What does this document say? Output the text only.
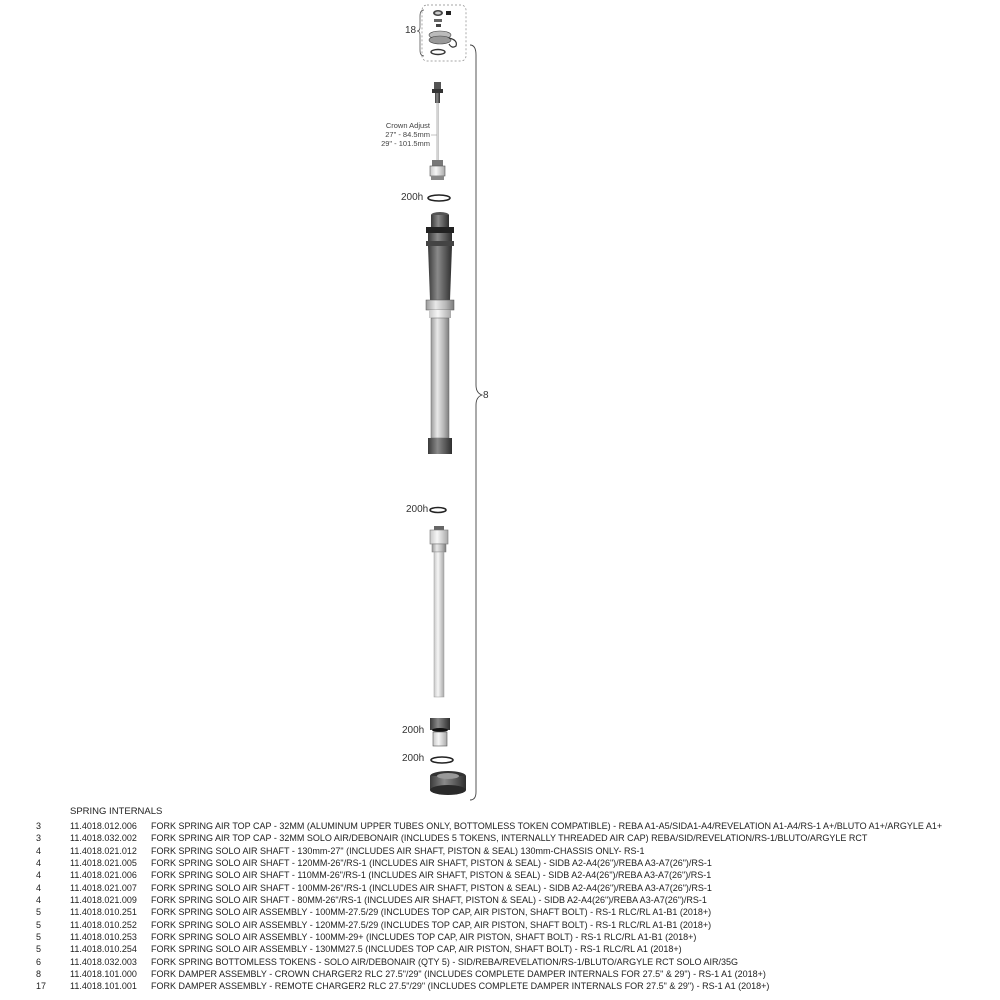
18
8
200h
200h
200h
200h
Crown Adjust
27" - 84.5mm
29" - 101.5mm
SPRING INTERNALS
3	11.4018.012.006 FORK SPRING AIR TOP CAP - 32MM (ALUMINUM UPPER TUBES ONLY, BOTTOMLESS TOKEN COMPATIBLE) - REBA A1-A5/SIDA1-A4/REVELATION A1-A4/RS-1 A+/BLUTO A1+/ARGYLE A1+
3	11.4018.032.002 FORK SPRING AIR TOP CAP - 32MM SOLO AIR/DEBONAIR (INCLUDES 5 TOKENS, INTERNALLY THREADED AIR CAP) REBA/SID/REVELATION/RS-1/BLUTO/ARGYLE RCT
4	11.4018.021.012 FORK SPRING SOLO AIR SHAFT - 130mm-27" (INCLUDES AIR SHAFT, PISTON & SEAL) 130mm-CHASSIS ONLY- RS-1
4	11.4018.021.005 FORK SPRING SOLO AIR SHAFT - 120MM-26"/RS-1 (INCLUDES AIR SHAFT, PISTON & SEAL) - SIDB A2-A4(26")/REBA A3-A7(26")/RS-1
4	11.4018.021.006 FORK SPRING SOLO AIR SHAFT - 110MM-26"/RS-1 (INCLUDES AIR SHAFT, PISTON & SEAL) - SIDB A2-A4(26")/REBA A3-A7(26")/RS-1
4	11.4018.021.007 FORK SPRING SOLO AIR SHAFT - 100MM-26"/RS-1 (INCLUDES AIR SHAFT, PISTON & SEAL) - SIDB A2-A4(26")/REBA A3-A7(26")/RS-1
4	11.4018.021.009 FORK SPRING SOLO AIR SHAFT - 80MM-26"/RS-1 (INCLUDES AIR SHAFT, PISTON & SEAL) - SIDB A2-A4(26")/REBA A3-A7(26")/RS-1
5	11.4018.010.251 FORK SPRING SOLO AIR ASSEMBLY - 100MM-27.5/29 (INCLUDES TOP CAP, AIR PISTON, SHAFT BOLT) - RS-1 RLC/RL A1-B1 (2018+)
5	11.4018.010.252 FORK SPRING SOLO AIR ASSEMBLY - 120MM-27.5/29 (INCLUDES TOP CAP, AIR PISTON, SHAFT BOLT) - RS-1 RLC/RL A1-B1 (2018+)
5	11.4018.010.253 FORK SPRING SOLO AIR ASSEMBLY - 100MM-29+ (INCLUDES TOP CAP, AIR PISTON, SHAFT BOLT) - RS-1 RLC/RL A1-B1 (2018+)
5	11.4018.010.254 FORK SPRING SOLO AIR ASSEMBLY - 130MM27.5 (INCLUDES TOP CAP, AIR PISTON, SHAFT BOLT) - RS-1 RLC/RL A1 (2018+)
6	11.4018.032.003 FORK SPRING BOTTOMLESS TOKENS - SOLO AIR/DEBONAIR (QTY 5) - SID/REBA/REVELATION/RS-1/BLUTO/ARGYLE RCT SOLO AIR/35G
8	11.4018.101.000 FORK DAMPER ASSEMBLY - CROWN CHARGER2 RLC 27.5"/29" (INCLUDES COMPLETE DAMPER INTERNALS FOR 27.5" & 29") - RS-1 A1 (2018+)
17	11.4018.101.001 FORK DAMPER ASSEMBLY - REMOTE CHARGER2 RLC 27.5"/29" (INCLUDES COMPLETE DAMPER INTERNALS FOR 27.5" & 29") - RS-1 A1 (2018+)
